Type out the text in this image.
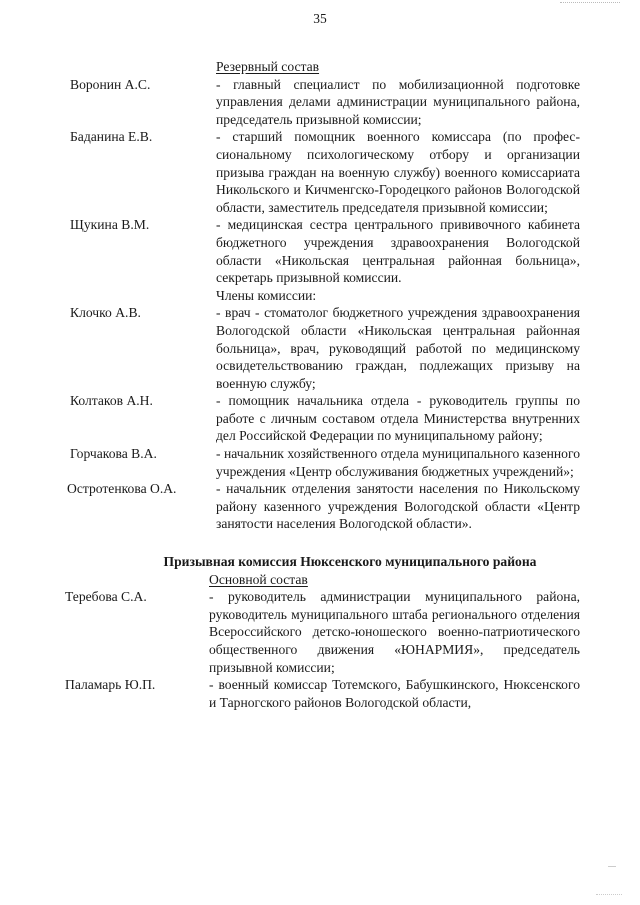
35
Резервный состав
Воронин А.С.	- главный специалист по мобилизационной подготовке управления делами администрации муниципального района, председатель призывной комиссии;
Баданина Е.В.	- старший помощник военного комиссара (по профессиональному психологическому отбору и организации призыва граждан на военную службу) военного комиссариата Никольского и Кичменгско-Городецкого районов Вологодской области, заместитель председателя призывной комиссии;
Щукина В.М.	- медицинская сестра центрального прививочного кабинета бюджетного учреждения здравоохранения Вологодской области «Никольская центральная районная больница», секретарь призывной комиссии.
Члены комиссии:
Клочко А.В.	- врач - стоматолог бюджетного учреждения здравоохранения Вологодской области «Никольская центральная районная больница», врач, руководящий работой по медицинскому освидетельствованию граждан, подлежащих призыву на военную службу;
Колтаков А.Н.	- помощник начальника отдела - руководитель группы по работе с личным составом отдела Министерства внутренних дел Российской Федерации по муниципальному району;
Горчакова В.А.	- начальник хозяйственного отдела муниципального казенного учреждения «Центр обслуживания бюджетных учреждений»;
Остротенкова О.А.	- начальник отделения занятости населения по Никольскому району казенного учреждения Вологодской области «Центр занятости населения Вологодской области».
Призывная комиссия Нюксенского муниципального района
Основной состав
Теребова С.А.	- руководитель администрации муниципального района, руководитель муниципального штаба регионального отделения Всероссийского детско-юношеского военно-патриотического общественного движения «ЮНАРМИЯ», председатель призывной комиссии;
Паламарь Ю.П.	- военный комиссар Тотемского, Бабушкинского, Нюксенского и Тарногского районов Вологодской области,
